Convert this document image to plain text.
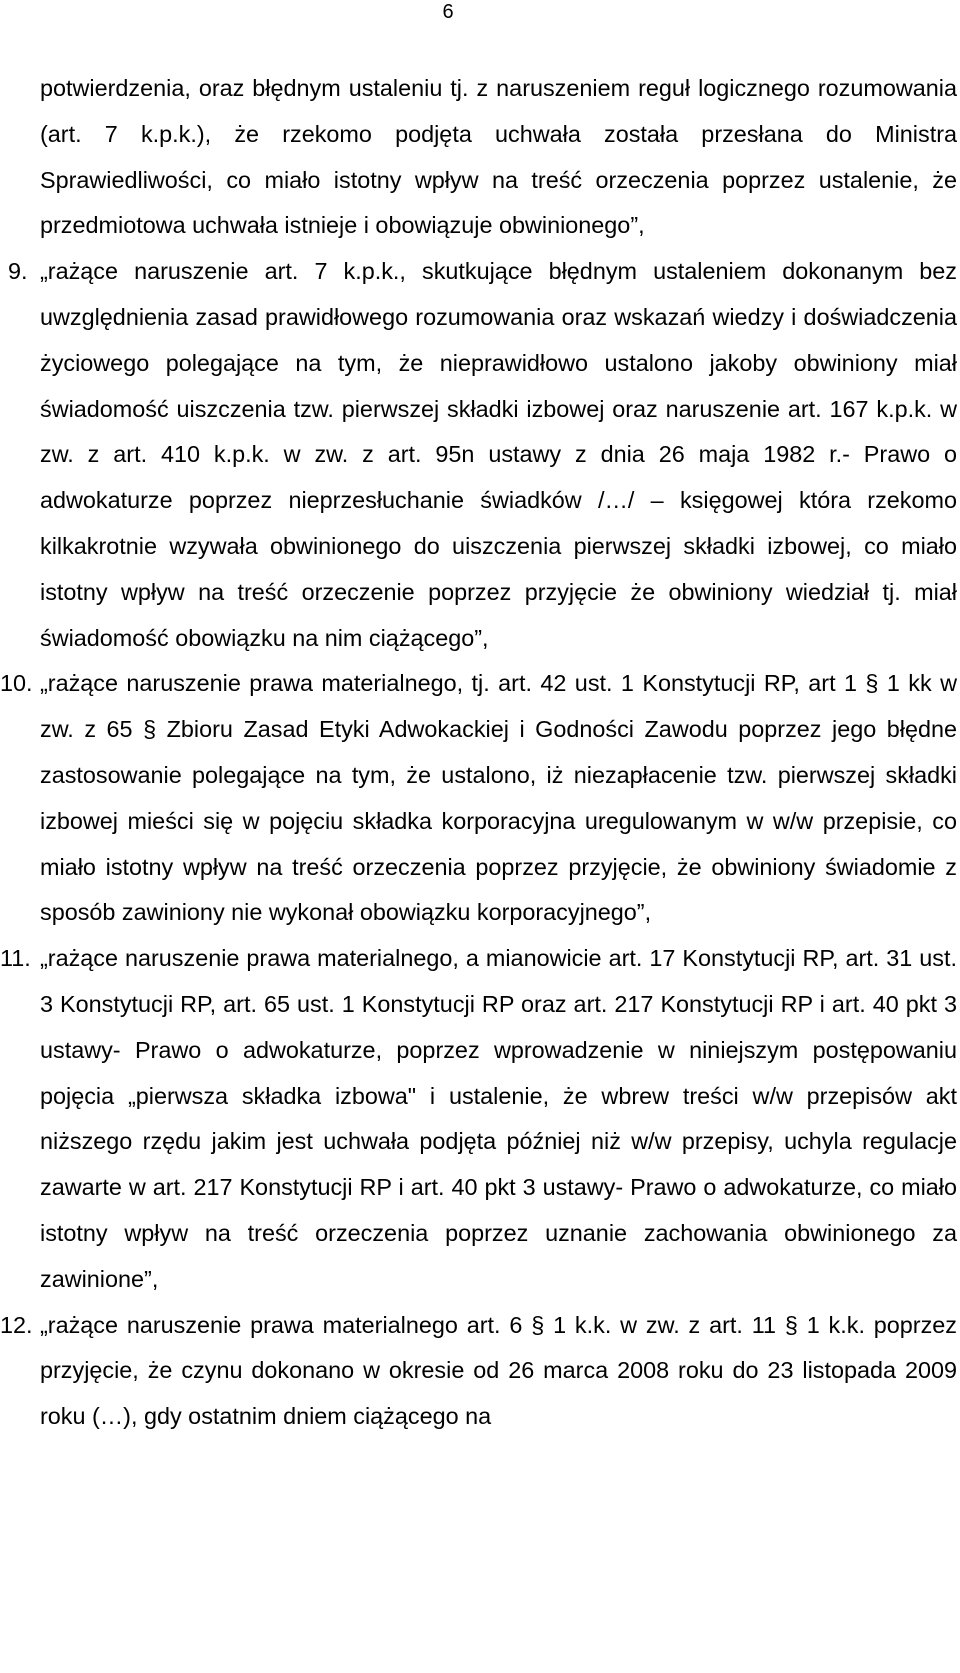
6

potwierdzenia, oraz błędnym ustaleniu tj. z naruszeniem reguł logicznego rozumowania (art. 7 k.p.k.), że rzekomo podjęta uchwała została przesłana do Ministra Sprawiedliwości, co miało istotny wpływ na treść orzeczenia poprzez ustalenie, że przedmiotowa uchwała istnieje i obowiązuje obwinionego”,

9. „rażące naruszenie art. 7 k.p.k., skutkujące błędnym ustaleniem dokonanym bez uwzględnienia zasad prawidłowego rozumowania oraz wskazań wiedzy i doświadczenia życiowego polegające na tym, że nieprawidłowo ustalono jakoby obwiniony miał świadomość uiszczenia tzw. pierwszej składki izbowej oraz naruszenie art. 167 k.p.k. w zw. z art. 410 k.p.k. w zw. z art. 95n ustawy z dnia 26 maja 1982 r.- Prawo o adwokaturze poprzez nieprzesłuchanie świadków /…/ – księgowej która rzekomo kilkakrotnie wzywała obwinionego do uiszczenia pierwszej składki izbowej, co miało istotny wpływ na treść orzeczenie poprzez przyjęcie że obwiniony wiedział tj. miał świadomość obowiązku na nim ciążącego”,

10. „rażące naruszenie prawa materialnego, tj. art. 42 ust. 1 Konstytucji RP, art 1 § 1 kk w zw. z 65 § Zbioru Zasad Etyki Adwokackiej i Godności Zawodu poprzez jego błędne zastosowanie polegające na tym, że ustalono, iż niezapłacenie tzw. pierwszej składki izbowej mieści się w pojęciu składka korporacyjna uregulowanym w w/w przepisie, co miało istotny wpływ na treść orzeczenia poprzez przyjęcie, że obwiniony świadomie z sposób zawiniony nie wykonał obowiązku korporacyjnego”,

11. „rażące naruszenie prawa materialnego, a mianowicie art. 17 Konstytucji RP, art. 31 ust. 3 Konstytucji RP, art. 65 ust. 1 Konstytucji RP oraz art. 217 Konstytucji RP i art. 40 pkt 3 ustawy- Prawo o adwokaturze, poprzez wprowadzenie w niniejszym postępowaniu pojęcia „pierwsza składka izbowa" i ustalenie, że wbrew treści w/w przepisów akt niższego rzędu jakim jest uchwała podjęta później niż w/w przepisy, uchyla regulacje zawarte w art. 217 Konstytucji RP i art. 40 pkt 3 ustawy- Prawo o adwokaturze, co miało istotny wpływ na treść orzeczenia poprzez uznanie zachowania obwinionego za zawinione”,

12. „rażące naruszenie prawa materialnego art. 6 § 1 k.k. w zw. z art. 11 § 1 k.k. poprzez przyjęcie, że czynu dokonano w okresie od 26 marca 2008 roku do 23 listopada 2009 roku (…), gdy ostatnim dniem ciążącego na
